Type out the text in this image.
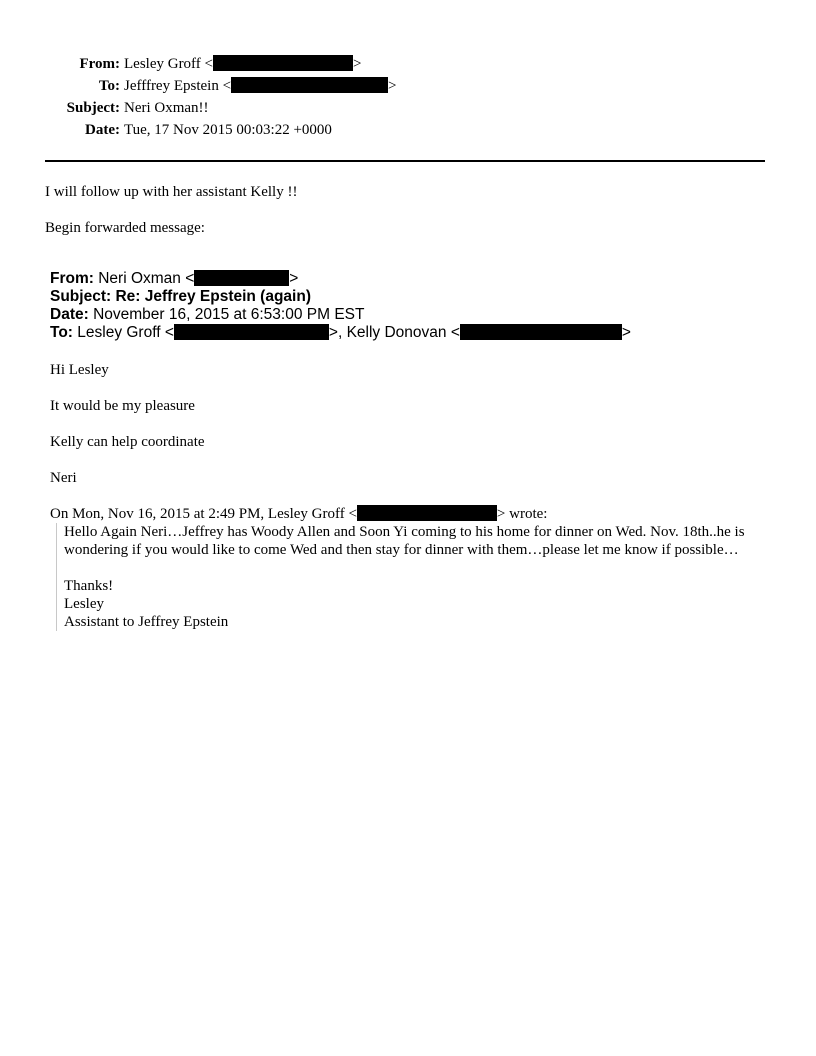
From: Lesley Groff <	>
To: Jefffrey Epstein <	>
Subject: Neri Oxman!!
Date: Tue, 17 Nov 2015 00:03:22 +0000
I will follow up with her assistant Kelly !!
Begin forwarded message:
From: Neri Oxman <	>
Subject: Re: Jeffrey Epstein (again)
Date: November 16, 2015 at 6:53:00 PM EST
To: Lesley Groff <	>, Kelly Donovan <	>
Hi Lesley
It would be my pleasure
Kelly can help coordinate
Neri
On Mon, Nov 16, 2015 at 2:49 PM, Lesley Groff <	> wrote:

Hello Again Neri…Jeffrey has Woody Allen and Soon Yi coming to his home for dinner on Wed. Nov. 18th..he is wondering if you would like to come Wed and then stay for dinner with them…please let me know if possible…

Thanks!

Lesley

Assistant to Jeffrey Epstein
